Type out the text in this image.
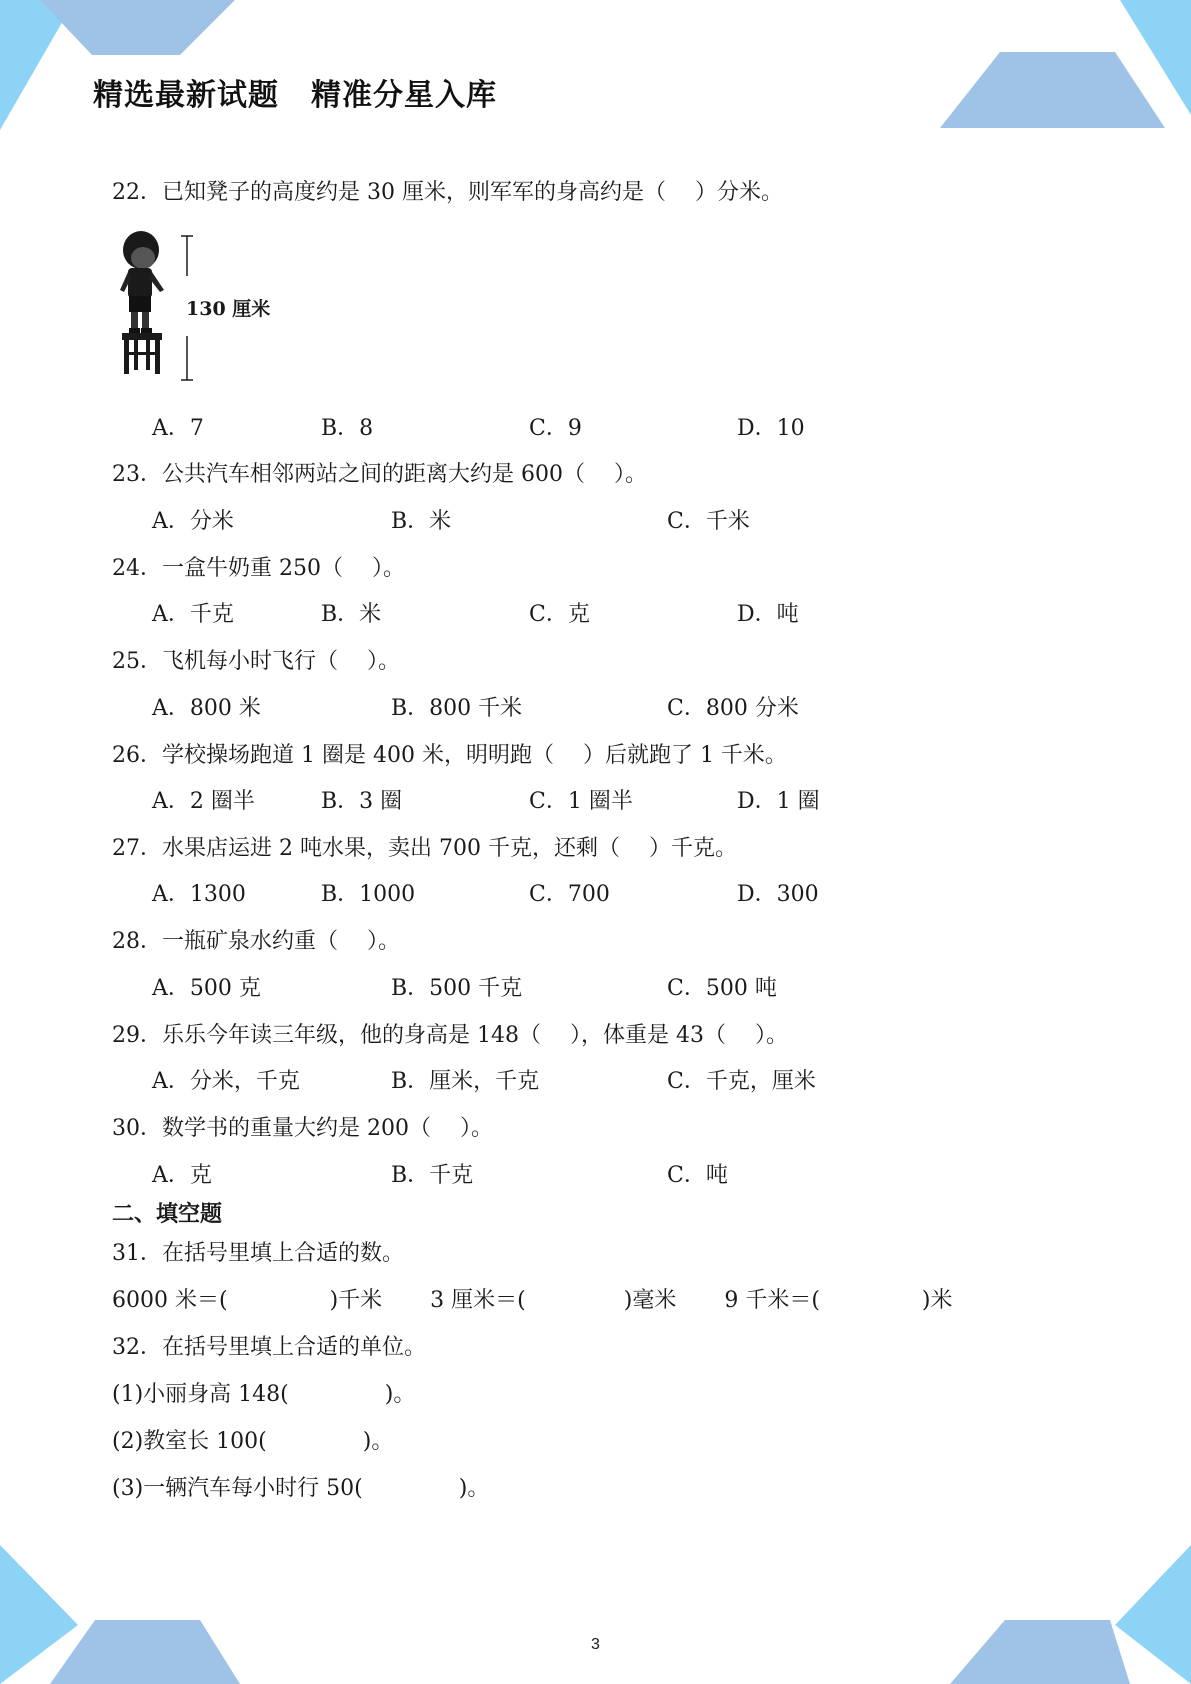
精选最新试题 精准分星入库
22．已知凳子的高度约是 30 厘米，则军军的身高约是（　 ）分米。
130 厘米
A．7	B．8	C．9	D．10
23．公共汽车相邻两站之间的距离大约是 600（　 ）。
A．分米	B．米	C．千米
24．一盒牛奶重 250（　 ）。
A．千克	B．米	C．克	D．吨
25．飞机每小时飞行（　 ）。
A．800 米	B．800 千米	C．800 分米
26．学校操场跑道 1 圈是 400 米，明明跑（　 ）后就跑了 1 千米。
A．2 圈半	B．3 圈	C．1 圈半	D．1 圈
27．水果店运进 2 吨水果，卖出 700 千克，还剩（　 ）千克。
A．1300	B．1000	C．700	D．300
28．一瓶矿泉水约重（　 ）。
A．500 克	B．500 千克	C．500 吨
29．乐乐今年读三年级，他的身高是 148（　 ），体重是 43（　 ）。
A．分米，千克	B．厘米，千克	C．千克，厘米
30．数学书的重量大约是 200（　 ）。
A．克	B．千克	C．吨
二、填空题
31．在括号里填上合适的数。
6000 米＝(	)千米 3 厘米＝(	)毫米 9 千米＝(	)米
32．在括号里填上合适的单位。
(1)小丽身高 148(	)。
(2)教室长 100(	)。
(3)一辆汽车每小时行 50(	)。
3
